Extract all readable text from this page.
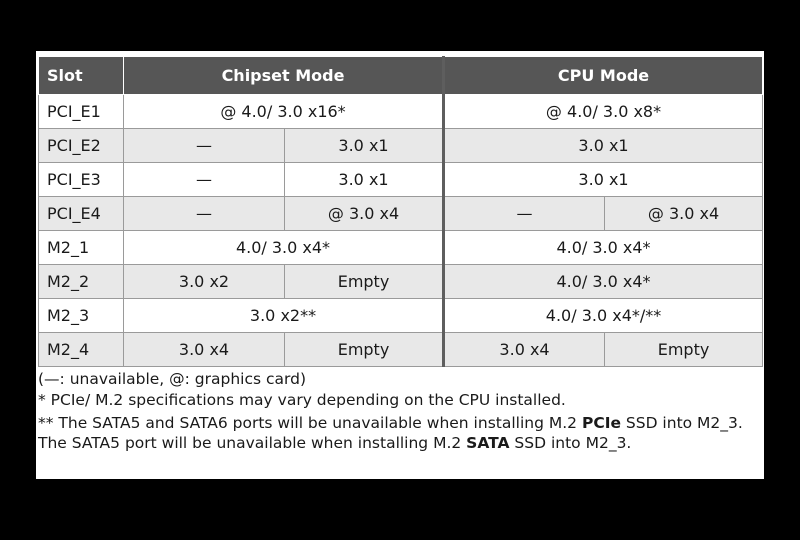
Slot	Chipset Mode		CPU Mode	
PCI_E1	@ 4.0/ 3.0 x16*		@ 4.0/ 3.0 x8*	
PCI_E2	—	3.0 x1	3.0 x1	
PCI_E3	—	3.0 x1	3.0 x1	
PCI_E4	—	@ 3.0 x4	—	@ 3.0 x4
M2_1	4.0/ 3.0 x4*		4.0/ 3.0 x4*	
M2_2	3.0 x2	Empty	4.0/ 3.0 x4*	
M2_3	3.0 x2**		4.0/ 3.0 x4*/**	
M2_4	3.0 x4	Empty	3.0 x4	Empty

(—: unavailable, @: graphics card)

* PCIe/ M.2 specifications may vary depending on the CPU installed.

** The SATA5 and SATA6 ports will be unavailable when installing M.2 PCIe SSD into M2_3. The SATA5 port will be unavailable when installing M.2 SATA SSD into M2_3.
